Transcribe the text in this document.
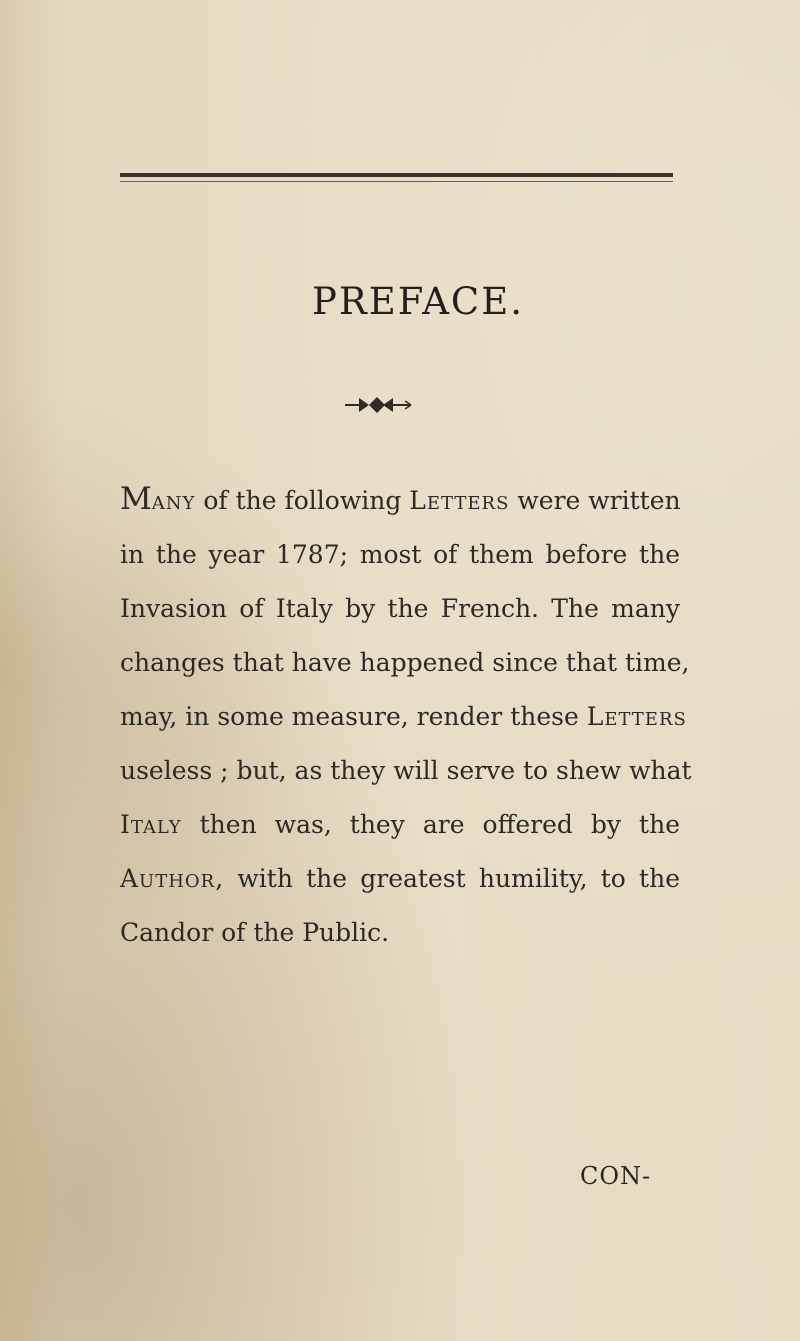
PREFACE.
Many of the following Letters were written
in the year 1787; most of them before the
Invasion of Italy by the French. The many
changes that have happened since that time,
may, in some measure, render these Letters
useless ; but, as they will serve to shew what
Italy then was, they are offered by the
Author, with the greatest humility, to the
Candor of the Public.
CON-
